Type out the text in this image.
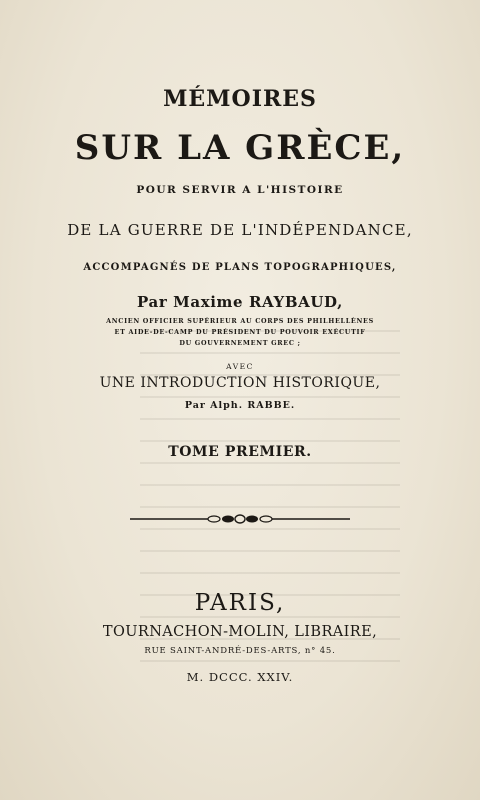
MÉMOIRES
SUR LA GRÈCE,
POUR SERVIR A L'HISTOIRE
DE LA GUERRE DE L'INDÉPENDANCE,
ACCOMPAGNÉS DE PLANS TOPOGRAPHIQUES,
Par Maxime RAYBAUD,
ANCIEN OFFICIER SUPÉRIEUR AU CORPS DES PHILHELLÈNES
ET AIDE-DE-CAMP DU PRÉSIDENT DU POUVOIR EXÉCUTIF
DU GOUVERNEMENT GREC ;
AVEC
UNE INTRODUCTION HISTORIQUE,
Par Alph. RABBE.
TOME PREMIER.
PARIS,
TOURNACHON-MOLIN, LIBRAIRE,
RUE SAINT-ANDRÉ-DES-ARTS, n° 45.
M. DCCC. XXIV.
